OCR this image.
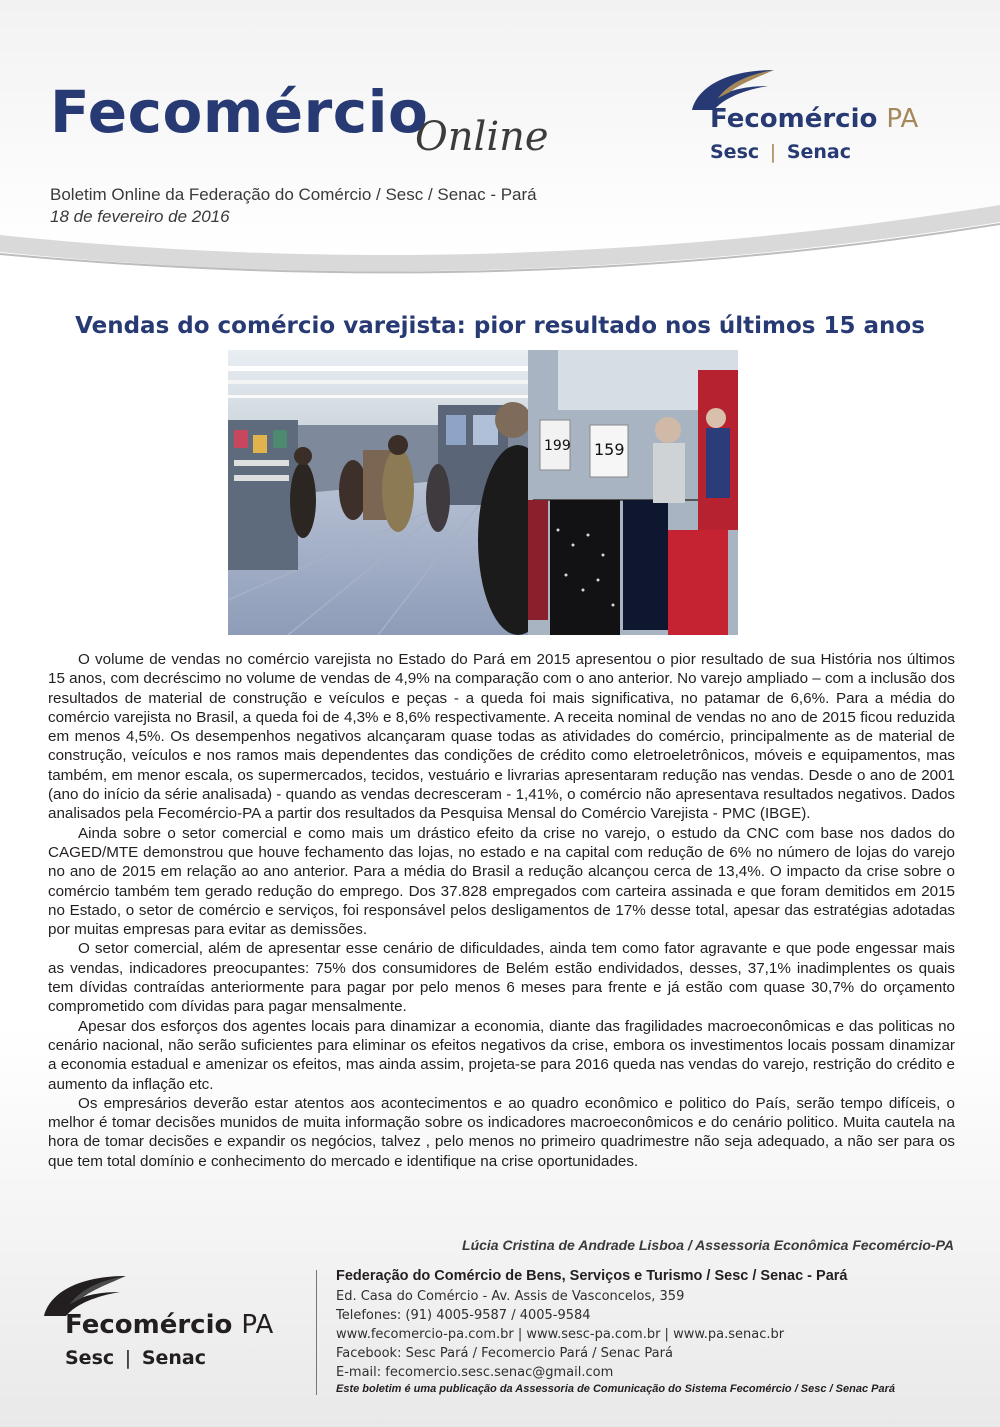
Fecomércio
Online
Boletim Online da Federação do Comércio / Sesc / Senac - Pará
18 de fevereiro de 2016
Fecomércio PA
Sesc | Senac
Vendas do comércio varejista: pior resultado nos últimos 15 anos
199 159

O volume de vendas no comércio varejista no Estado do Pará em 2015 apresentou o pior resultado de sua História nos últimos 15 anos, com decréscimo no volume de vendas de 4,9% na comparação com o ano anterior. No varejo ampliado – com a inclusão dos resultados de material de construção e veículos e peças - a queda foi mais significativa, no patamar de 6,6%. Para a média do comércio varejista no Brasil, a queda foi de 4,3% e 8,6% respectivamente. A receita nominal de vendas no ano de 2015 ficou reduzida em menos 4,5%. Os desempenhos negativos alcançaram quase todas as atividades do comércio, principalmente as de material de construção, veículos e nos ramos mais dependentes das condições de crédito como eletroeletrônicos, móveis e equipamentos, mas também, em menor escala, os supermercados, tecidos, vestuário e livrarias apresentaram redução nas vendas. Desde o ano de 2001 (ano do início da série analisada) - quando as vendas decresceram - 1,41%, o comércio não apresentava resultados negativos. Dados analisados pela Fecomércio-PA a partir dos resultados da Pesquisa Mensal do Comércio Varejista - PMC (IBGE).

Ainda sobre o setor comercial e como mais um drástico efeito da crise no varejo, o estudo da CNC com base nos dados do CAGED/MTE demonstrou que houve fechamento das lojas, no estado e na capital com redução de 6% no número de lojas do varejo no ano de 2015 em relação ao ano anterior. Para a média do Brasil a redução alcançou cerca de 13,4%. O impacto da crise sobre o comércio também tem gerado redução do emprego. Dos 37.828 empregados com carteira assinada e que foram demitidos em 2015 no Estado, o setor de comércio e serviços, foi responsável pelos desligamentos de 17% desse total, apesar das estratégias adotadas por muitas empresas para evitar as demissões.

O setor comercial, além de apresentar esse cenário de dificuldades, ainda tem como fator agravante e que pode engessar mais as vendas, indicadores preocupantes: 75% dos consumidores de Belém estão endividados, desses, 37,1% inadimplentes os quais tem dívidas contraídas anteriormente para pagar por pelo menos 6 meses para frente e já estão com quase 30,7% do orçamento comprometido com dívidas para pagar mensalmente.

Apesar dos esforços dos agentes locais para dinamizar a economia, diante das fragilidades macroeconômicas e das politicas no cenário nacional, não serão suficientes para eliminar os efeitos negativos da crise, embora os investimentos locais possam dinamizar a economia estadual e amenizar os efeitos, mas ainda assim, projeta-se para 2016 queda nas vendas do varejo, restrição do crédito e aumento da inflação etc.

Os empresários deverão estar atentos aos acontecimentos e ao quadro econômico e politico do País, serão tempo difíceis, o melhor é tomar decisões munidos de muita informação sobre os indicadores macroeconômicos e do cenário politico. Muita cautela na hora de tomar decisões e expandir os negócios, talvez , pelo menos no primeiro quadrimestre não seja adequado, a não ser para os que tem total domínio e conhecimento do mercado e identifique na crise oportunidades.

Lúcia Cristina de Andrade Lisboa / Assessoria Econômica Fecomércio-PA
Fecomércio PA
Sesc | Senac
Federação do Comércio de Bens, Serviços e Turismo / Sesc / Senac - Pará
Ed. Casa do Comércio - Av. Assis de Vasconcelos, 359
Telefones: (91) 4005-9587 / 4005-9584
www.fecomercio-pa.com.br | www.sesc-pa.com.br | www.pa.senac.br
Facebook: Sesc Pará / Fecomercio Pará / Senac Pará
E-mail: fecomercio.sesc.senac@gmail.com
Este boletim é uma publicação da Assessoria de Comunicação do Sistema Fecomércio / Sesc / Senac Pará
